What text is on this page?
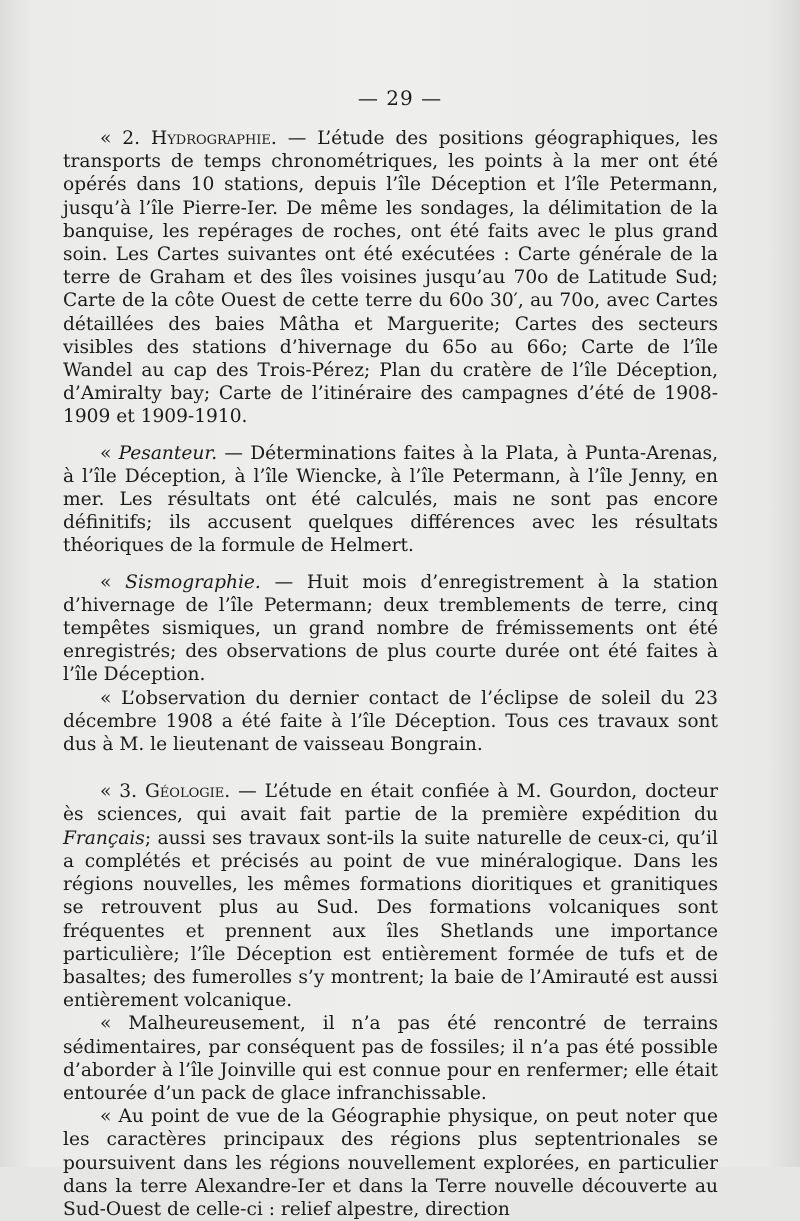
— 29 —

« 2. Hydrographie. — L’étude des positions géographiques, les transports de temps chronométriques, les points à la mer ont été opérés dans 10 stations, depuis l’île Déception et l’île Petermann, jusqu’à l’île Pierre-Ier. De même les sondages, la délimitation de la banquise, les repérages de roches, ont été faits avec le plus grand soin. Les Cartes suivantes ont été exécutées : Carte générale de la terre de Graham et des îles voisines jusqu’au 70o de Latitude Sud; Carte de la côte Ouest de cette terre du 60o 30′, au 70o, avec Cartes détaillées des baies Mâtha et Marguerite; Cartes des secteurs visibles des stations d’hivernage du 65o au 66o; Carte de l’île Wandel au cap des Trois-Pérez; Plan du cratère de l’île Déception, d’Amiralty bay; Carte de l’itinéraire des campagnes d’été de 1908-1909 et 1909-1910.

« Pesanteur. — Déterminations faites à la Plata, à Punta-Arenas, à l’île Déception, à l’île Wiencke, à l’île Petermann, à l’île Jenny, en mer. Les résultats ont été calculés, mais ne sont pas encore définitifs; ils accusent quelques différences avec les résultats théoriques de la formule de Helmert.

« Sismographie. — Huit mois d’enregistrement à la station d’hivernage de l’île Petermann; deux tremblements de terre, cinq tempêtes sismiques, un grand nombre de frémissements ont été enregistrés; des observations de plus courte durée ont été faites à l’île Déception.

« L’observation du dernier contact de l’éclipse de soleil du 23 décembre 1908 a été faite à l’île Déception. Tous ces travaux sont dus à M. le lieutenant de vaisseau Bongrain.

« 3. Géologie. — L’étude en était confiée à M. Gourdon, docteur ès sciences, qui avait fait partie de la première expédition du Français; aussi ses travaux sont-ils la suite naturelle de ceux-ci, qu’il a complétés et précisés au point de vue minéralogique. Dans les régions nouvelles, les mêmes formations dioritiques et granitiques se retrouvent plus au Sud. Des formations volcaniques sont fréquentes et prennent aux îles Shetlands une importance particulière; l’île Déception est entièrement formée de tufs et de basaltes; des fumerolles s’y montrent; la baie de l’Amirauté est aussi entièrement volcanique.

« Malheureusement, il n’a pas été rencontré de terrains sédimentaires, par conséquent pas de fossiles; il n’a pas été possible d’aborder à l’île Joinville qui est connue pour en renfermer; elle était entourée d’un pack de glace infranchissable.

« Au point de vue de la Géographie physique, on peut noter que les caractères principaux des régions plus septentrionales se poursuivent dans les régions nouvellement explorées, en particulier dans la terre Alexandre-Ier et dans la Terre nouvelle découverte au Sud-Ouest de celle-ci : relief alpestre, direction
